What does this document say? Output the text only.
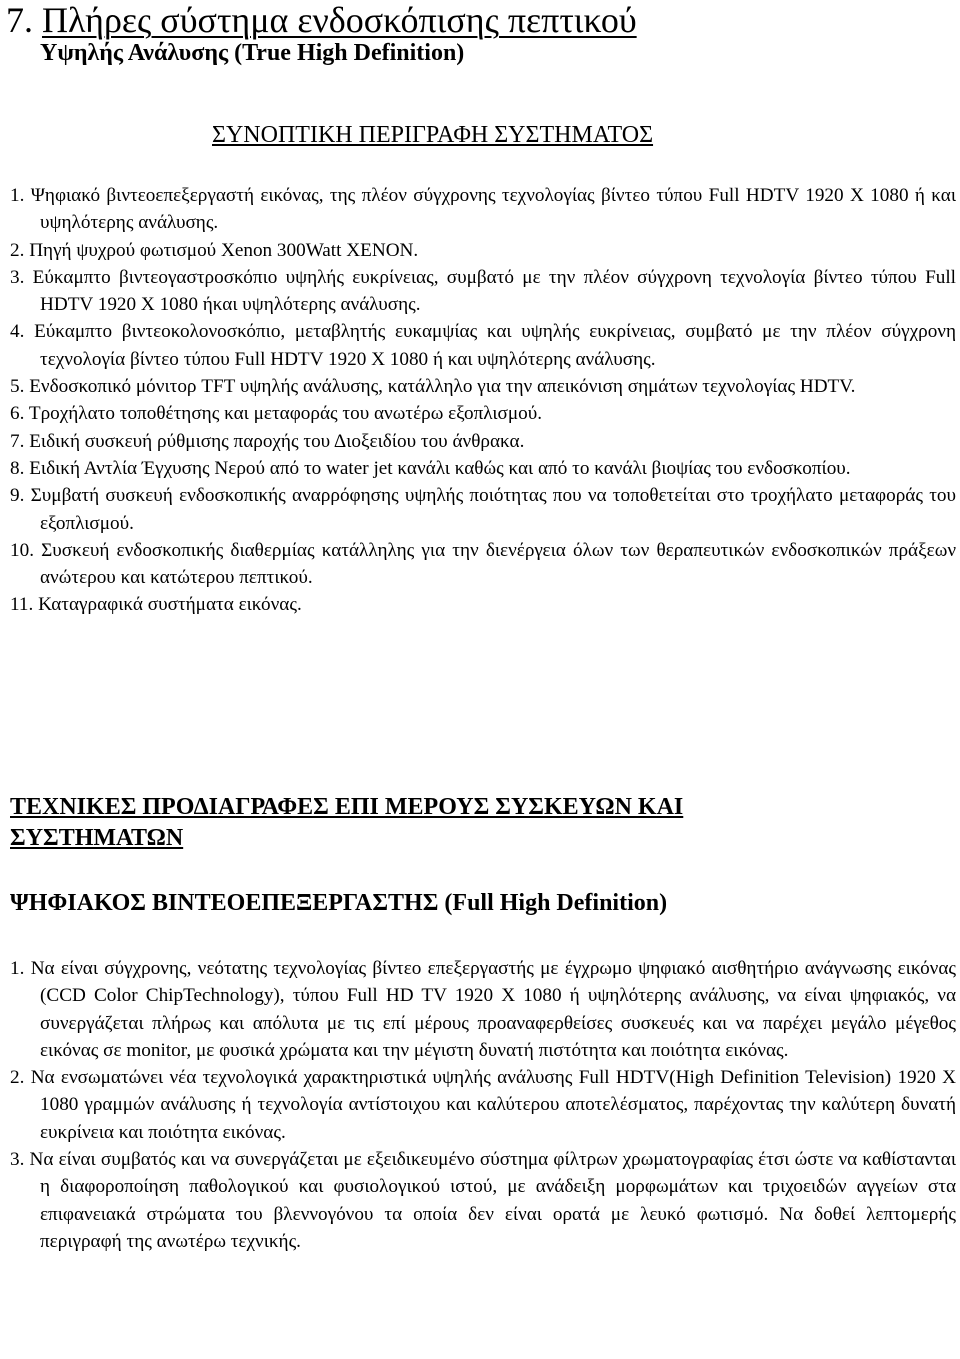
7. Πλήρες σύστημα ενδοσκόπισης πεπτικού
Υψηλής Ανάλυσης (True High Definition)
ΣΥΝΟΠΤΙΚΗ ΠΕΡΙΓΡΑΦΗ ΣΥΣΤΗΜΑΤΟΣ
1. Ψηφιακό βιντεοεπεξεργαστή εικόνας, της πλέον σύγχρονης τεχνολογίας βίντεο τύπου Full HDTV 1920 X 1080 ή και υψηλότερης ανάλυσης.
2. Πηγή ψυχρού φωτισμού Xenon 300Watt XENON.
3. Εύκαμπτο βιντεογαστροσκόπιο υψηλής ευκρίνειας, συμβατό με την πλέον σύγχρονη τεχνολογία βίντεο τύπου Full HDTV 1920 X 1080 ήκαι υψηλότερης ανάλυσης.
4. Εύκαμπτο βιντεοκολονοσκόπιο, μεταβλητής ευκαμψίας και υψηλής ευκρίνειας, συμβατό με την πλέον σύγχρονη τεχνολογία βίντεο τύπου Full HDTV 1920 X 1080 ή και υψηλότερης ανάλυσης.
5. Ενδοσκοπικό μόνιτορ TFT υψηλής ανάλυσης, κατάλληλο για την απεικόνιση σημάτων τεχνολογίας HDTV.
6. Τροχήλατο τοποθέτησης και μεταφοράς του ανωτέρω εξοπλισμού.
7. Ειδική συσκευή ρύθμισης παροχής του Διοξειδίου του άνθρακα.
8. Ειδική Αντλία Έγχυσης Νερού από το water jet κανάλι καθώς και από το κανάλι βιοψίας του ενδοσκοπίου.
9. Συμβατή συσκευή ενδοσκοπικής αναρρόφησης υψηλής ποιότητας που να τοποθετείται στο τροχήλατο μεταφοράς του εξοπλισμού.
10. Συσκευή ενδοσκοπικής διαθερμίας κατάλληλης για την διενέργεια όλων των θεραπευτικών ενδοσκοπικών πράξεων ανώτερου και κατώτερου πεπτικού.
11. Καταγραφικά συστήματα εικόνας.
ΤΕΧΝΙΚΕΣ ΠΡΟΔΙΑΓΡΑΦΕΣ ΕΠΙ ΜΕΡΟΥΣ ΣΥΣΚΕΥΩΝ ΚΑΙ ΣΥΣΤΗΜΑΤΩΝ
ΨΗΦΙΑΚΟΣ ΒΙΝΤΕΟΕΠΕΞΕΡΓΑΣΤΗΣ (Full High Definition)
1. Να είναι σύγχρονης, νεότατης τεχνολογίας βίντεο επεξεργαστής με έγχρωμο ψηφιακό αισθητήριο ανάγνωσης εικόνας (CCD Color ChipTechnology), τύπου Full HD TV 1920 X 1080 ή υψηλότερης ανάλυσης, να είναι ψηφιακός, να συνεργάζεται πλήρως και απόλυτα με τις επί μέρους προαναφερθείσες συσκευές και να παρέχει μεγάλο μέγεθος εικόνας σε monitor, με φυσικά χρώματα και την μέγιστη δυνατή πιστότητα και ποιότητα εικόνας.
2. Να ενσωματώνει νέα τεχνολογικά χαρακτηριστικά υψηλής ανάλυσης Full HDTV(High Definition Television) 1920 X 1080 γραμμών ανάλυσης ή τεχνολογία αντίστοιχου και καλύτερου αποτελέσματος, παρέχοντας την καλύτερη δυνατή ευκρίνεια και ποιότητα εικόνας.
3. Να είναι συμβατός και να συνεργάζεται με εξειδικευμένο σύστημα φίλτρων χρωματογραφίας έτσι ώστε να καθίστανται η διαφοροποίηση παθολογικού και φυσιολογικού ιστού, με ανάδειξη μορφωμάτων και τριχοειδών αγγείων στα επιφανειακά στρώματα του βλεννογόνου τα οποία δεν είναι ορατά με λευκό φωτισμό. Να δοθεί λεπτομερής περιγραφή της ανωτέρω τεχνικής.
